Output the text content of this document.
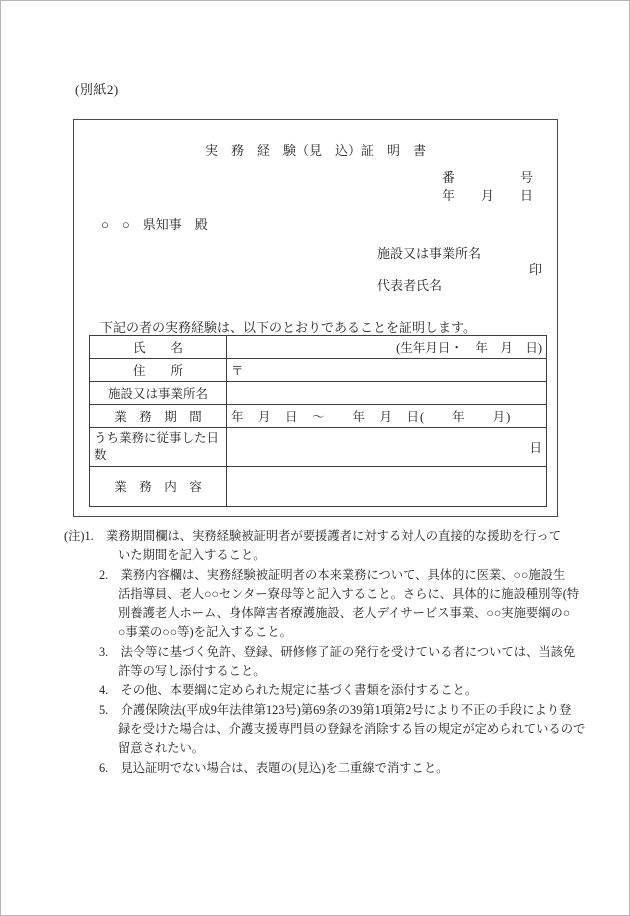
(別紙2)
実　務　経　験（見　込）証　明　書
番　　　　　号
年　　月　　日
○　○　県知事　殿
施設又は事業所名
印
代表者氏名
下記の者の実務経験は、以下のとおりであることを証明します。
氏　　名	(生年月日・　年　月　日)
住　　所	〒
施設又は事業所名	
業　務　期　間	年　月　日　～　　年　月　日(　　年　　月)
うち業務に従事した日数	日
業　務　内　容	
(注)1.　業務期間欄は、実務経験被証明者が要援護者に対する対人の直接的な援助を行って
いた期間を記入すること。
2.　業務内容欄は、実務経験被証明者の本来業務について、具体的に医業、○○施設生
活指導員、老人○○センター寮母等と記入すること。さらに、具体的に施設種別等(特
別養護老人ホーム、身体障害者療護施設、老人デイサービス事業、○○実施要綱の○
○事業の○○等)を記入すること。
3.　法令等に基づく免許、登録、研修修了証の発行を受けている者については、当該免
許等の写し添付すること。
4.　その他、本要綱に定められた規定に基づく書類を添付すること。
5.　介護保険法(平成9年法律第123号)第69条の39第1項第2号により不正の手段により登
録を受けた場合は、介護支援専門員の登録を消除する旨の規定が定められているので
留意されたい。
6.　見込証明でない場合は、表題の(見込)を二重線で消すこと。
